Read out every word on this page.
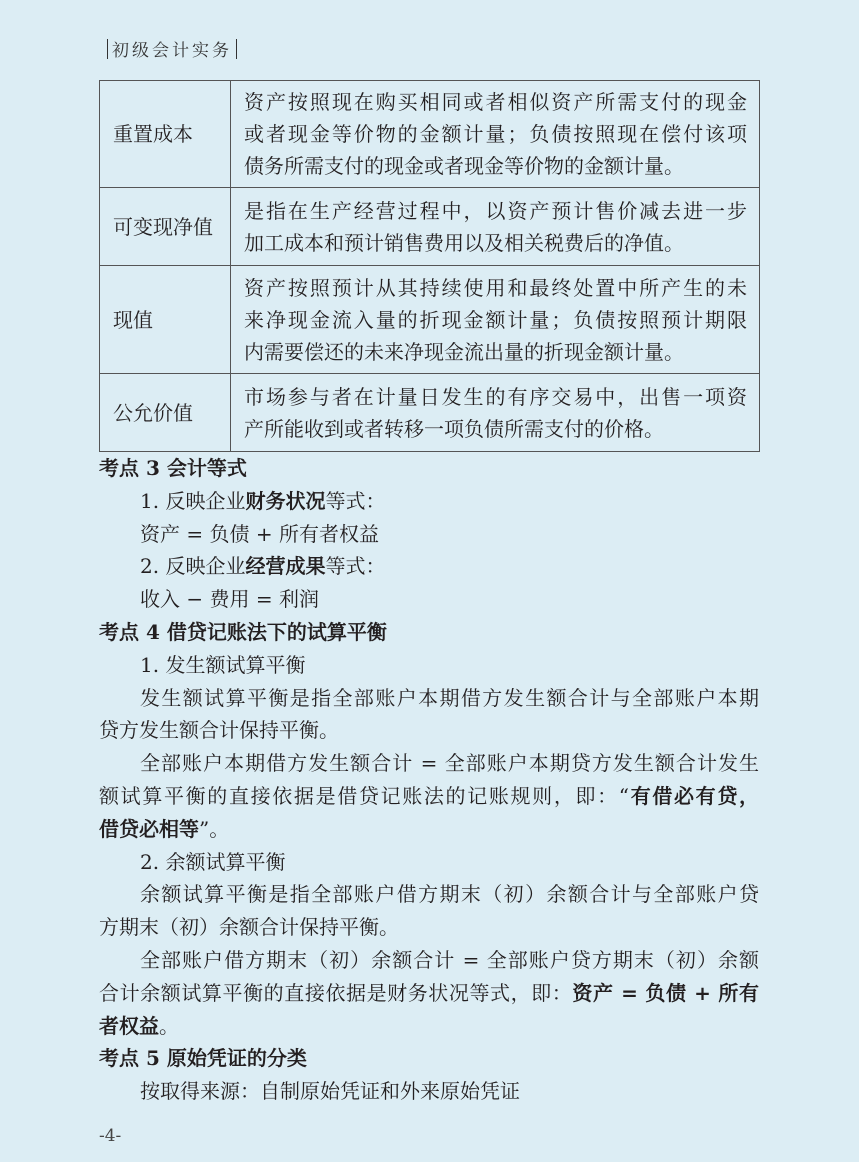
初级会计实务
重置成本	资产按照现在购买相同或者相似资产所需支付的现金
或者现金等价物的金额计量；负债按照现在偿付该项
债务所需支付的现金或者现金等价物的金额计量。

可变现净值	是指在生产经营过程中，以资产预计售价减去进一步
加工成本和预计销售费用以及相关税费后的净值。

现值	资产按照预计从其持续使用和最终处置中所产生的未
来净现金流入量的折现金额计量；负债按照预计期限
内需要偿还的未来净现金流出量的折现金额计量。

公允价值	市场参与者在计量日发生的有序交易中，出售一项资
产所能收到或者转移一项负债所需支付的价格。
考点 3 会计等式
1. 反映企业财务状况等式：
资产 = 负债 + 所有者权益
2. 反映企业经营成果等式：
收入 − 费用 = 利润
考点 4 借贷记账法下的试算平衡
1. 发生额试算平衡
发生额试算平衡是指全部账户本期借方发生额合计与全部账户本期
贷方发生额合计保持平衡。
全部账户本期借方发生额合计 = 全部账户本期贷方发生额合计发生
额试算平衡的直接依据是借贷记账法的记账规则，即：“有借必有贷，
借贷必相等”。
2. 余额试算平衡
余额试算平衡是指全部账户借方期末（初）余额合计与全部账户贷
方期末（初）余额合计保持平衡。
全部账户借方期末（初）余额合计 = 全部账户贷方期末（初）余额
合计余额试算平衡的直接依据是财务状况等式，即：资产 = 负债 + 所有
者权益。
考点 5 原始凭证的分类
按取得来源：自制原始凭证和外来原始凭证
-4-
